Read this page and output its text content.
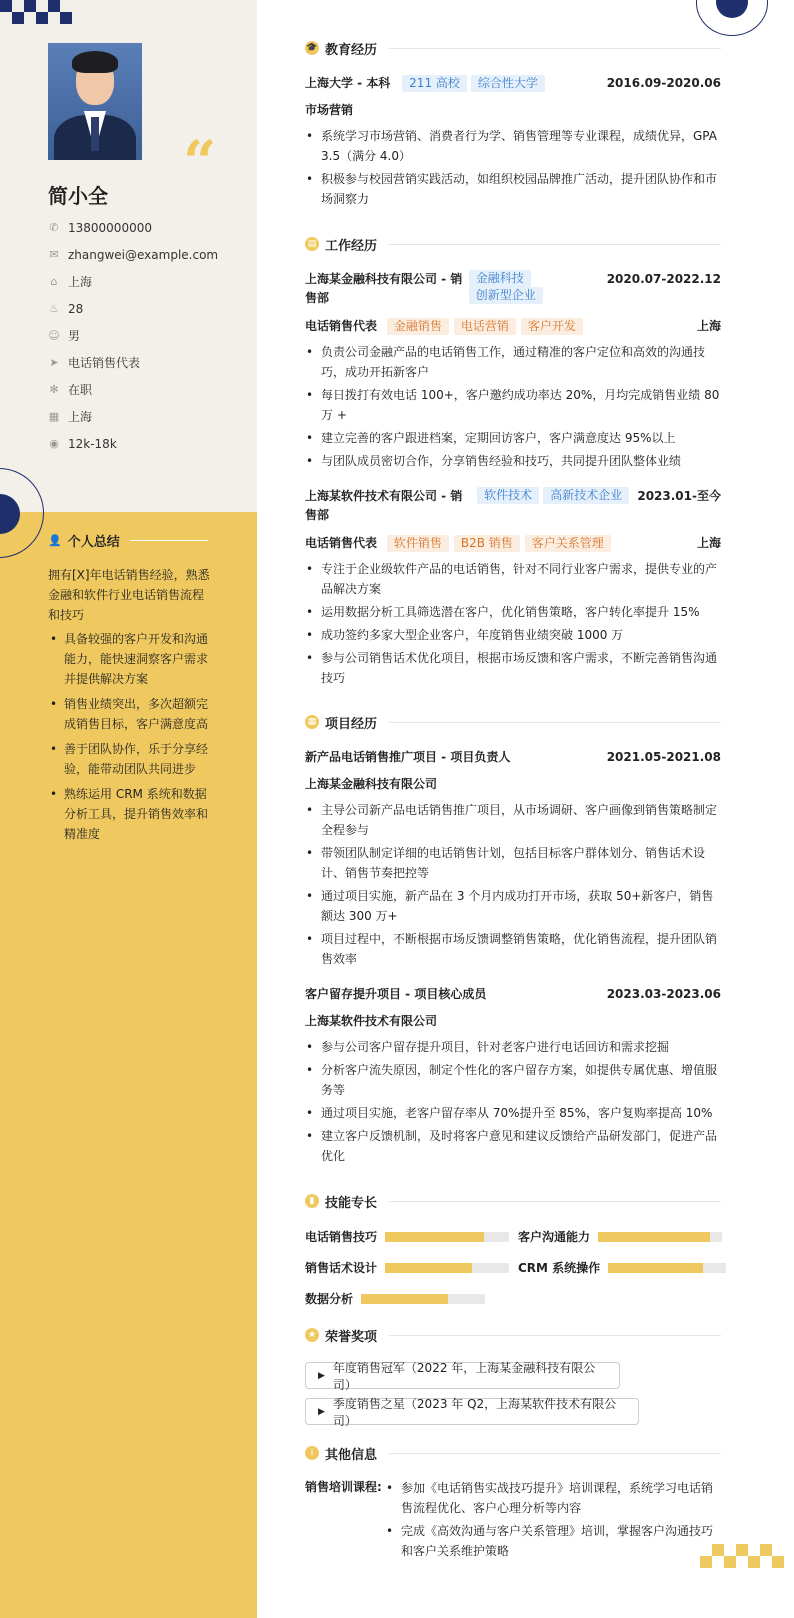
“
简小全
✆ 13800000000
✉ zhangwei@example.com
⌂ 上海
♨ 28
☺ 男
➤ 电话销售代表
✻ 在职
▦ 上海
◉ 12k-18k
👤 个人总结
拥有[X]年电话销售经验，熟悉金融和软件行业电话销售流程和技巧
• 具备较强的客户开发和沟通能力，能快速洞察客户需求并提供解决方案
• 销售业绩突出，多次超额完成销售目标，客户满意度高
• 善于团队协作，乐于分享经验，能带动团队共同进步
• 熟练运用 CRM 系统和数据分析工具，提升销售效率和精准度
🎓 教育经历
上海大学 - 本科 211 高校 综合性大学	2016.09-2020.06
市场营销
• 系统学习市场营销、消费者行为学、销售管理等专业课程，成绩优异，GPA 3.5（满分 4.0）
• 积极参与校园营销实践活动，如组织校园品牌推广活动，提升团队协作和市场洞察力
▤ 工作经历
上海某金融科技有限公司 - 销售部
金融科技创新型企业
2020.07-2022.12
电话销售代表 金融销售 电话营销 客户开发	上海
• 负责公司金融产品的电话销售工作，通过精准的客户定位和高效的沟通技巧，成功开拓新客户
• 每日拨打有效电话 100+，客户邀约成功率达 20%，月均完成销售业绩 80 万 +
• 建立完善的客户跟进档案，定期回访客户，客户满意度达 95%以上
• 与团队成员密切合作，分享销售经验和技巧，共同提升团队整体业绩
上海某软件技术有限公司 - 销售部
软件技术 高新技术企业	2023.01-至今
电话销售代表 软件销售 B2B 销售 客户关系管理	上海
• 专注于企业级软件产品的电话销售，针对不同行业客户需求，提供专业的产品解决方案
• 运用数据分析工具筛选潜在客户，优化销售策略，客户转化率提升 15%
• 成功签约多家大型企业客户，年度销售业绩突破 1000 万
• 参与公司销售话术优化项目，根据市场反馈和客户需求，不断完善销售沟通技巧
▦ 项目经历
新产品电话销售推广项目 - 项目负责人	2021.05-2021.08
上海某金融科技有限公司
• 主导公司新产品电话销售推广项目，从市场调研、客户画像到销售策略制定全程参与
• 带领团队制定详细的电话销售计划，包括目标客户群体划分、销售话术设计、销售节奏把控等
• 通过项目实施，新产品在 3 个月内成功打开市场，获取 50+新客户，销售额达 300 万+
• 项目过程中，不断根据市场反馈调整销售策略，优化销售流程，提升团队销售效率
客户留存提升项目 - 项目核心成员	2023.03-2023.06
上海某软件技术有限公司
• 参与公司客户留存提升项目，针对老客户进行电话回访和需求挖掘
• 分析客户流失原因，制定个性化的客户留存方案，如提供专属优惠、增值服务等
• 通过项目实施，老客户留存率从 70%提升至 85%，客户复购率提高 10%
• 建立客户反馈机制，及时将客户意见和建议反馈给产品研发部门，促进产品优化
▮ 技能专长
电话销售技巧	客户沟通能力
销售话术设计	CRM 系统操作
数据分析
★ 荣誉奖项
▶
年度销售冠军（2022 年，上海某金融科技有限公司）
▶
季度销售之星（2023 年 Q2，上海某软件技术有限公司）
i 其他信息
销售培训课程:
•	参加《电话销售实战技巧提升》培训课程，系统学习电话销售流程优化、客户心理分析等内容
• 完成《高效沟通与客户关系管理》培训，掌握客户沟通技巧和客户关系维护策略
